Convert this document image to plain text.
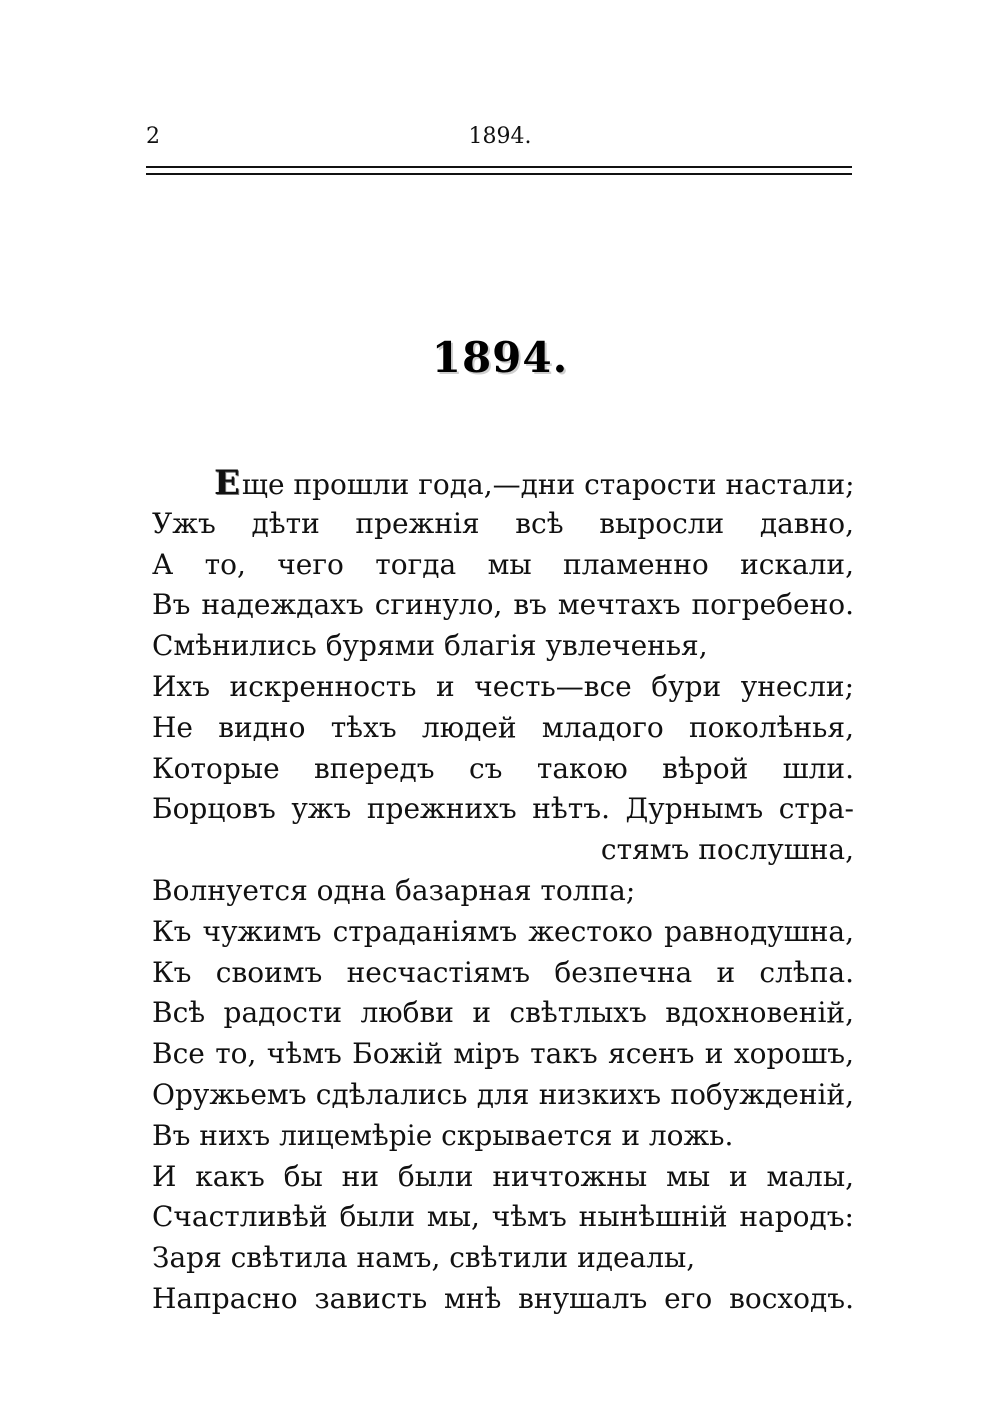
2	1894.
1894.
Еще прошли года,—дни старости настали;
Ужъ дѣти прежнія всѣ выросли давно,
А то, чего тогда мы пламенно искали,
Въ надеждахъ сгинуло, въ мечтахъ погребено.
Смѣнились бурями благія увлеченья,
Ихъ искренность и честь—все бури унесли;
Не видно тѣхъ людей младого поколѣнья,
Которые впередъ съ такою вѣрой шли.
Борцовъ ужъ прежнихъ нѣтъ. Дурнымъ стра-
стямъ послушна,
Волнуется одна базарная толпа;
Къ чужимъ страданіямъ жестоко равнодушна,
Къ своимъ несчастіямъ безпечна и слѣпа.
Всѣ радости любви и свѣтлыхъ вдохновеній,
Все то, чѣмъ Божій міръ такъ ясенъ и хорошъ,
Оружьемъ сдѣлались для низкихъ побужденій,
Въ нихъ лицемѣріе скрывается и ложь.
И какъ бы ни были ничтожны мы и малы,
Счастливѣй были мы, чѣмъ нынѣшній народъ:
Заря свѣтила намъ, свѣтили идеалы,
Напрасно зависть мнѣ внушалъ его восходъ.
